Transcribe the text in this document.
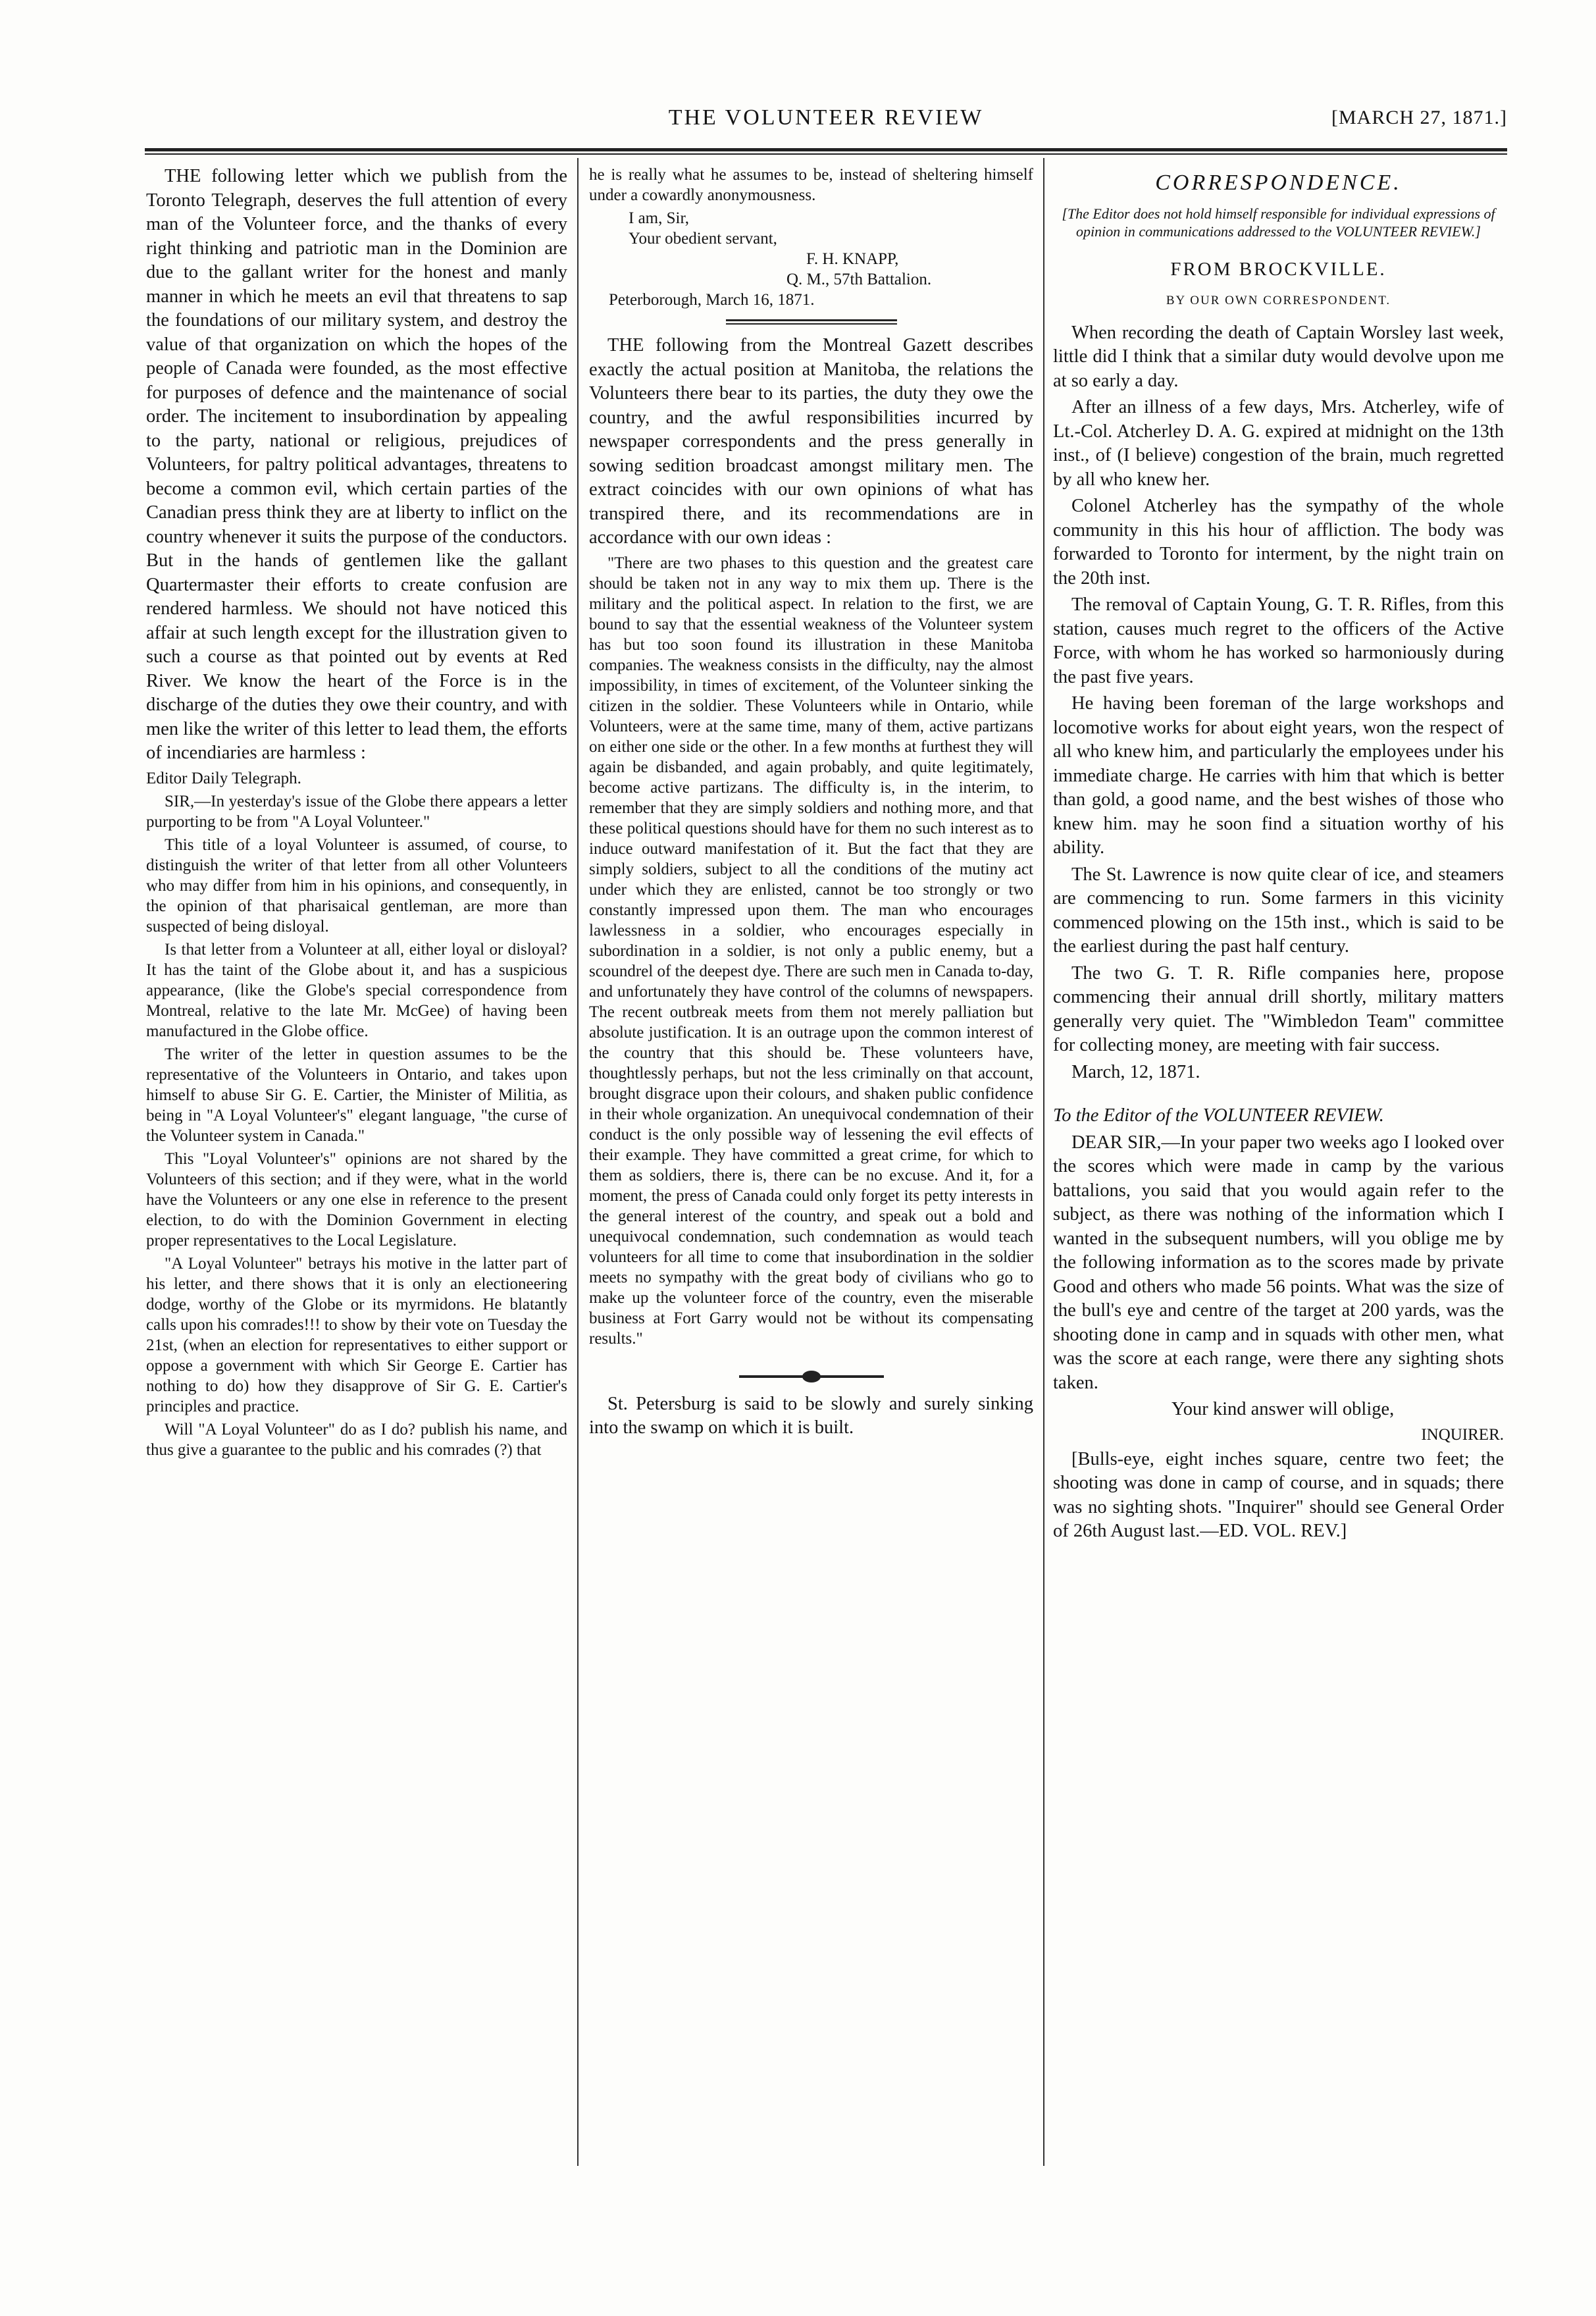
THE VOLUNTEER REVIEW	[MARCH 27, 1871.]

THE following letter which we publish from the Toronto Telegraph, deserves the full attention of every man of the Volunteer force, and the thanks of every right thinking and patriotic man in the Dominion are due to the gallant writer for the honest and manly manner in which he meets an evil that threatens to sap the foundations of our military system, and destroy the value of that organization on which the hopes of the people of Canada were founded, as the most effective for purposes of defence and the maintenance of social order. The incitement to insubordination by appealing to the party, national or religious, prejudices of Volunteers, for paltry political advantages, threatens to become a common evil, which certain parties of the Canadian press think they are at liberty to inflict on the country whenever it suits the purpose of the conductors. But in the hands of gentlemen like the gallant Quartermaster their efforts to create confusion are rendered harmless. We should not have noticed this affair at such length except for the illustration given to such a course as that pointed out by events at Red River. We know the heart of the Force is in the discharge of the duties they owe their country, and with men like the writer of this letter to lead them, the efforts of incendiaries are harmless :

Editor Daily Telegraph.

SIR,—In yesterday's issue of the Globe there appears a letter purporting to be from "A Loyal Volunteer."

This title of a loyal Volunteer is assumed, of course, to distinguish the writer of that letter from all other Volunteers who may differ from him in his opinions, and consequently, in the opinion of that pharisaical gentleman, are more than suspected of being disloyal.

Is that letter from a Volunteer at all, either loyal or disloyal? It has the taint of the Globe about it, and has a suspicious appearance, (like the Globe's special correspondence from Montreal, relative to the late Mr. McGee) of having been manufactured in the Globe office.

The writer of the letter in question assumes to be the representative of the Volunteers in Ontario, and takes upon himself to abuse Sir G. E. Cartier, the Minister of Militia, as being in "A Loyal Volunteer's" elegant language, "the curse of the Volunteer system in Canada."

This "Loyal Volunteer's" opinions are not shared by the Volunteers of this section; and if they were, what in the world have the Volunteers or any one else in reference to the present election, to do with the Dominion Government in electing proper representatives to the Local Legislature.

"A Loyal Volunteer" betrays his motive in the latter part of his letter, and there shows that it is only an electioneering dodge, worthy of the Globe or its myrmidons. He blatantly calls upon his comrades!!! to show by their vote on Tuesday the 21st, (when an election for representatives to either support or oppose a government with which Sir George E. Cartier has nothing to do) how they disapprove of Sir G. E. Cartier's principles and practice.

Will "A Loyal Volunteer" do as I do? publish his name, and thus give a guarantee to the public and his comrades (?) that

he is really what he assumes to be, instead of sheltering himself under a cowardly anonymousness.

I am, Sir,
Your obedient servant,
F. H. KNAPP,
Q. M., 57th Battalion.
Peterborough, March 16, 1871.

THE following from the Montreal Gazett describes exactly the actual position at Manitoba, the relations the Volunteers there bear to its parties, the duty they owe the country, and the awful responsibilities incurred by newspaper correspondents and the press generally in sowing sedition broadcast amongst military men. The extract coincides with our own opinions of what has transpired there, and its recommendations are in accordance with our own ideas :

"There are two phases to this question and the greatest care should be taken not in any way to mix them up. There is the military and the political aspect. In relation to the first, we are bound to say that the essential weakness of the Volunteer system has but too soon found its illustration in these Manitoba companies. The weakness consists in the difficulty, nay the almost impossibility, in times of excitement, of the Volunteer sinking the citizen in the soldier. These Volunteers while in Ontario, while Volunteers, were at the same time, many of them, active partizans on either one side or the other. In a few months at furthest they will again be disbanded, and again probably, and quite legitimately, become active partizans. The difficulty is, in the interim, to remember that they are simply soldiers and nothing more, and that these political questions should have for them no such interest as to induce outward manifestation of it. But the fact that they are simply soldiers, subject to all the conditions of the mutiny act under which they are enlisted, cannot be too strongly or two constantly impressed upon them. The man who encourages lawlessness in a soldier, who encourages especially in subordination in a soldier, is not only a public enemy, but a scoundrel of the deepest dye. There are such men in Canada to-day, and unfortunately they have control of the columns of newspapers. The recent outbreak meets from them not merely palliation but absolute justification. It is an outrage upon the common interest of the country that this should be. These volunteers have, thoughtlessly perhaps, but not the less criminally on that account, brought disgrace upon their colours, and shaken public confidence in their whole organization. An unequivocal condemnation of their conduct is the only possible way of lessening the evil effects of their example. They have committed a great crime, for which to them as soldiers, there is, there can be no excuse. And it, for a moment, the press of Canada could only forget its petty interests in the general interest of the country, and speak out a bold and unequivocal condemnation, such condemnation as would teach volunteers for all time to come that insubordination in the soldier meets no sympathy with the great body of civilians who go to make up the volunteer force of the country, even the miserable business at Fort Garry would not be without its compensating results."

St. Petersburg is said to be slowly and surely sinking into the swamp on which it is built.

CORRESPONDENCE.
[The Editor does not hold himself responsible for individual expressions of opinion in communications addressed to the VOLUNTEER REVIEW.]
FROM BROCKVILLE.
BY OUR OWN CORRESPONDENT.

When recording the death of Captain Worsley last week, little did I think that a similar duty would devolve upon me at so early a day.

After an illness of a few days, Mrs. Atcherley, wife of Lt.-Col. Atcherley D. A. G. expired at midnight on the 13th inst., of (I believe) congestion of the brain, much regretted by all who knew her.

Colonel Atcherley has the sympathy of the whole community in this his hour of affliction. The body was forwarded to Toronto for interment, by the night train on the 20th inst.

The removal of Captain Young, G. T. R. Rifles, from this station, causes much regret to the officers of the Active Force, with whom he has worked so harmoniously during the past five years.

He having been foreman of the large workshops and locomotive works for about eight years, won the respect of all who knew him, and particularly the employees under his immediate charge. He carries with him that which is better than gold, a good name, and the best wishes of those who knew him. may he soon find a situation worthy of his ability.

The St. Lawrence is now quite clear of ice, and steamers are commencing to run. Some farmers in this vicinity commenced plowing on the 15th inst., which is said to be the earliest during the past half century.

The two G. T. R. Rifle companies here, propose commencing their annual drill shortly, military matters generally very quiet. The "Wimbledon Team" committee for collecting money, are meeting with fair success.

March, 12, 1871.

To the Editor of the VOLUNTEER REVIEW.

DEAR SIR,—In your paper two weeks ago I looked over the scores which were made in camp by the various battalions, you said that you would again refer to the subject, as there was nothing of the information which I wanted in the subsequent numbers, will you oblige me by the following information as to the scores made by private Good and others who made 56 points. What was the size of the bull's eye and centre of the target at 200 yards, was the shooting done in camp and in squads with other men, what was the score at each range, were there any sighting shots taken.

Your kind answer will oblige,

INQUIRER.

[Bulls-eye, eight inches square, centre two feet; the shooting was done in camp of course, and in squads; there was no sighting shots. "Inquirer" should see General Order of 26th August last.—ED. VOL. REV.]
